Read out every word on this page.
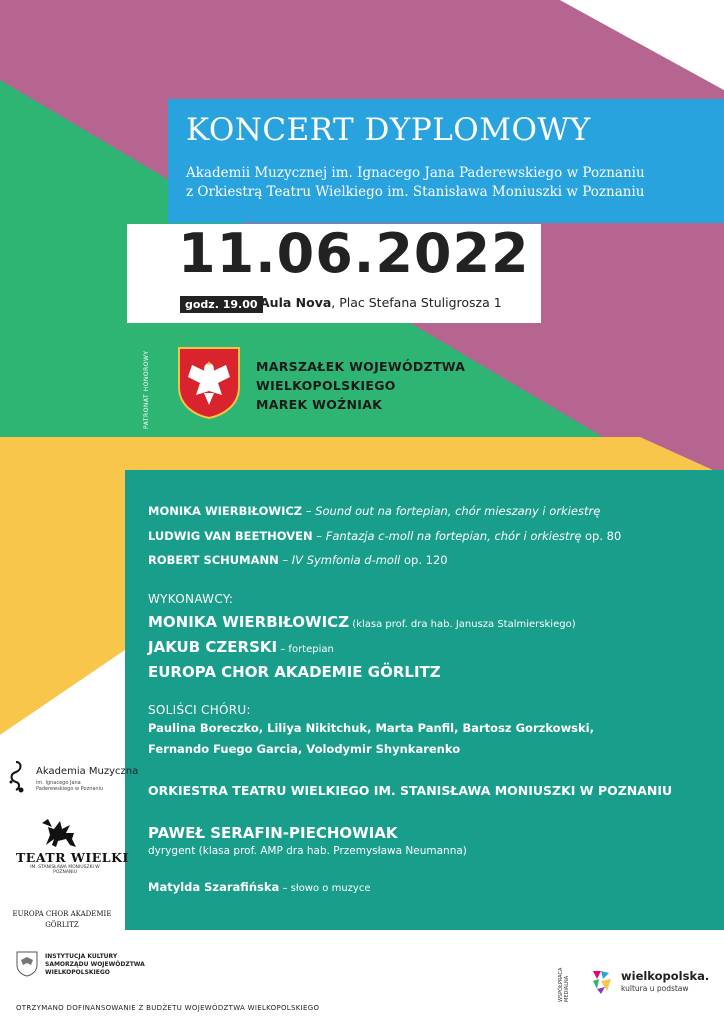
KONCERT DYPLOMOWY
Akademii Muzycznej im. Ignacego Jana Paderewskiego w Poznaniu
z Orkiestrą Teatru Wielkiego im. Stanisława Moniuszki w Poznaniu
11.06.2022
godz. 19.00 Aula Nova, Plac Stefana Stuligrosza 1
PATRONAT HONOROWY	MARSZAŁEK WOJEWÓDZTWA
WIELKOPOLSKIEGO
MAREK WOŹNIAK
MONIKA WIERBIŁOWICZ – Sound out na fortepian, chór mieszany i orkiestrę
LUDWIG VAN BEETHOVEN – Fantazja c-moll na fortepian, chór i orkiestrę op. 80
ROBERT SCHUMANN – IV Symfonia d-moll op. 120
WYKONAWCY:
MONIKA WIERBIŁOWICZ (klasa prof. dra hab. Janusza Stalmierskiego)
JAKUB CZERSKI – fortepian
EUROPA CHOR AKADEMIE GÖRLITZ
SOLIŚCI CHÓRU:
Paulina Boreczko, Liliya Nikitchuk, Marta Panfil, Bartosz Gorzkowski,
Fernando Fuego Garcia, Volodymir Shynkarenko
ORKIESTRA TEATRU WIELKIEGO IM. STANISŁAWA MONIUSZKI W POZNANIU
PAWEŁ SERAFIN-PIECHOWIAK
dyrygent (klasa prof. AMP dra hab. Przemysława Neumanna)
Matylda Szarafińska – słowo o muzyce
Akademia Muzyczna
im. Ignacego Jana Paderewskiego w Poznaniu
TEATR WIELKI
IM. STANISŁAWA MONIUSZKI W POZNANIU
EUROPA CHOR AKADEMIE
GÖRLITZ
INSTYTUCJA KULTURY
SAMORZĄDU WOJEWÓDZTWA
WIELKOPOLSKIEGO
OTRZYMANO DOFINANSOWANIE Z BUDŻETU WOJEWÓDZTWA WIELKOPOLSKIEGO
WSPÓŁPRACA MEDIALNA	wielkopolska.
kultura u podstaw
